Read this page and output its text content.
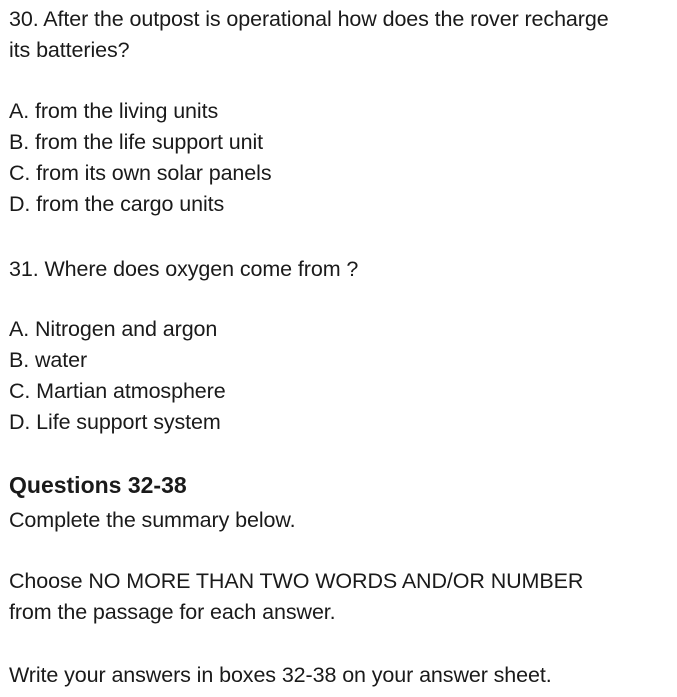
30. After the outpost is operational how does the rover recharge
its batteries?
A. from the living units
B. from the life support unit
C. from its own solar panels
D. from the cargo units
31. Where does oxygen come from ?
A. Nitrogen and argon
B. water
C. Martian atmosphere
D. Life support system
Questions 32-38
Complete the summary below.
Choose NO MORE THAN TWO WORDS AND/OR NUMBER
from the passage for each answer.
Write your answers in boxes 32-38 on your answer sheet.
